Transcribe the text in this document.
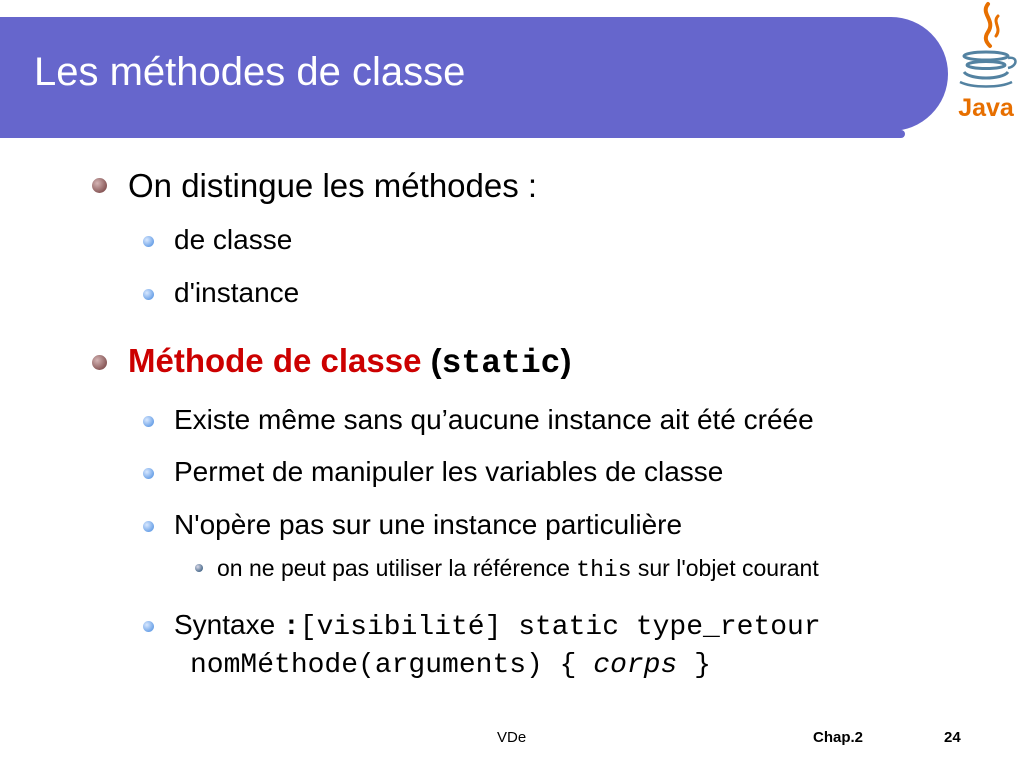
Les méthodes de classe
Java
On distingue les méthodes :
de classe
d'instance
Méthode de classe (static)
Existe même sans qu’aucune instance ait été créée
Permet de manipuler les variables de classe
N'opère pas sur une instance particulière
on ne peut pas utiliser la référence this sur l'objet courant
Syntaxe :[visibilité] static type_retour
nomMéthode(arguments) { corps }
VDe	Chap.2	24
